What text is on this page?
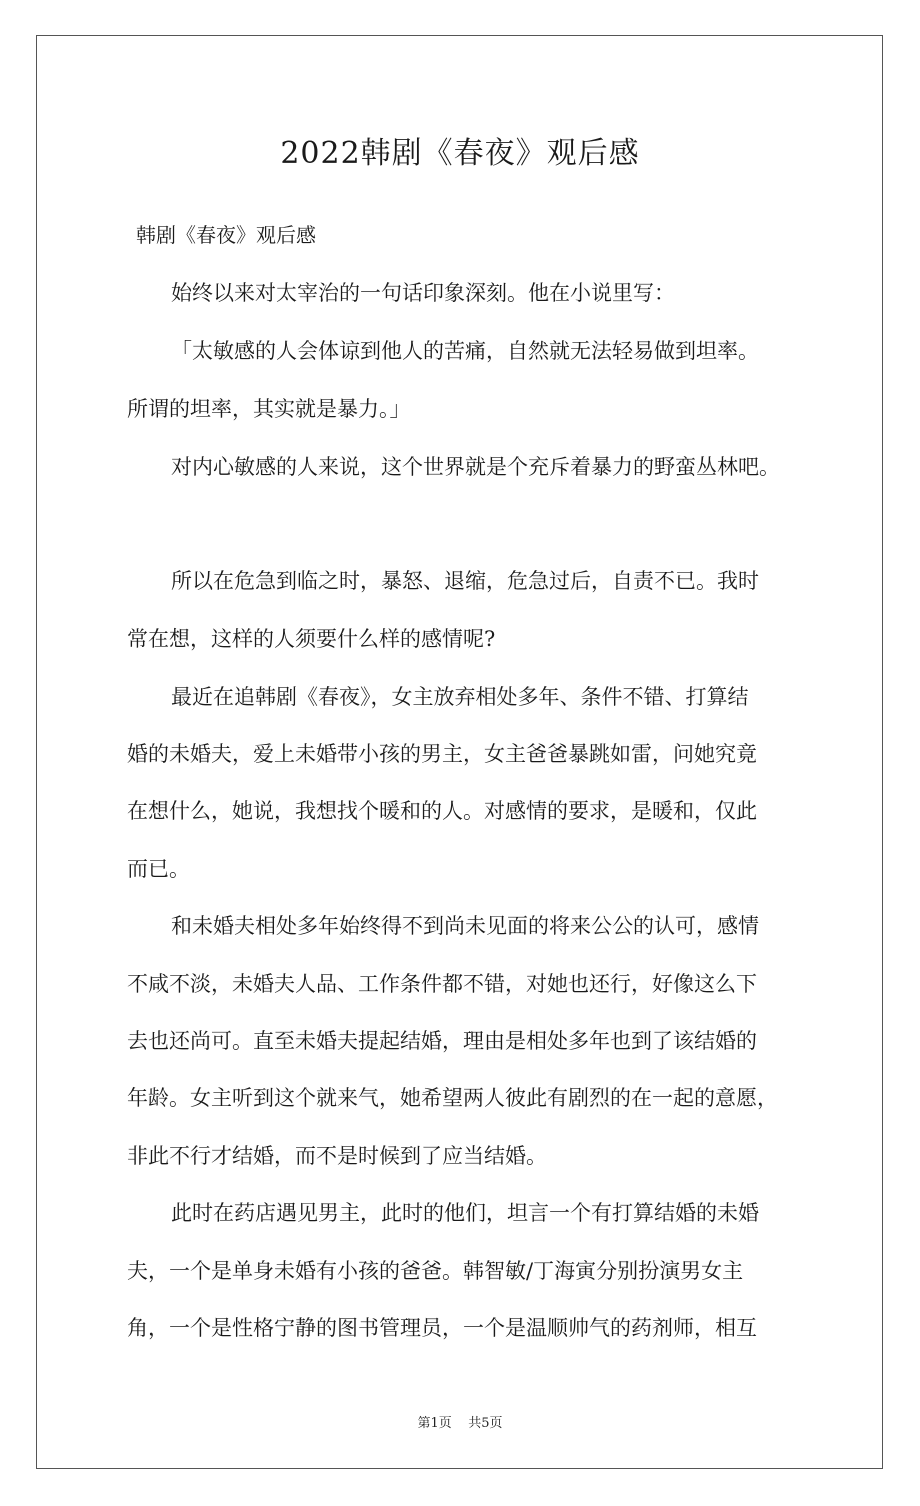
2022韩剧《春夜》观后感
韩剧《春夜》观后感
始终以来对太宰治的一句话印象深刻。他在小说里写：
「太敏感的人会体谅到他人的苦痛，自然就无法轻易做到坦率。
所谓的坦率，其实就是暴力。」
对内心敏感的人来说，这个世界就是个充斥着暴力的野蛮丛林吧。
所以在危急到临之时，暴怒、退缩，危急过后，自责不已。我时
常在想，这样的人须要什么样的感情呢?
最近在追韩剧《春夜》，女主放弃相处多年、条件不错、打算结
婚的未婚夫，爱上未婚带小孩的男主，女主爸爸暴跳如雷，问她究竟
在想什么，她说，我想找个暖和的人。对感情的要求，是暖和，仅此
而已。
和未婚夫相处多年始终得不到尚未见面的将来公公的认可，感情
不咸不淡，未婚夫人品、工作条件都不错，对她也还行，好像这么下
去也还尚可。直至未婚夫提起结婚，理由是相处多年也到了该结婚的
年龄。女主听到这个就来气，她希望两人彼此有剧烈的在一起的意愿，
非此不行才结婚，而不是时候到了应当结婚。
此时在药店遇见男主，此时的他们，坦言一个有打算结婚的未婚
夫，一个是单身未婚有小孩的爸爸。韩智敏/丁海寅分别扮演男女主
角，一个是性格宁静的图书管理员，一个是温顺帅气的药剂师，相互
第1页 共5页
